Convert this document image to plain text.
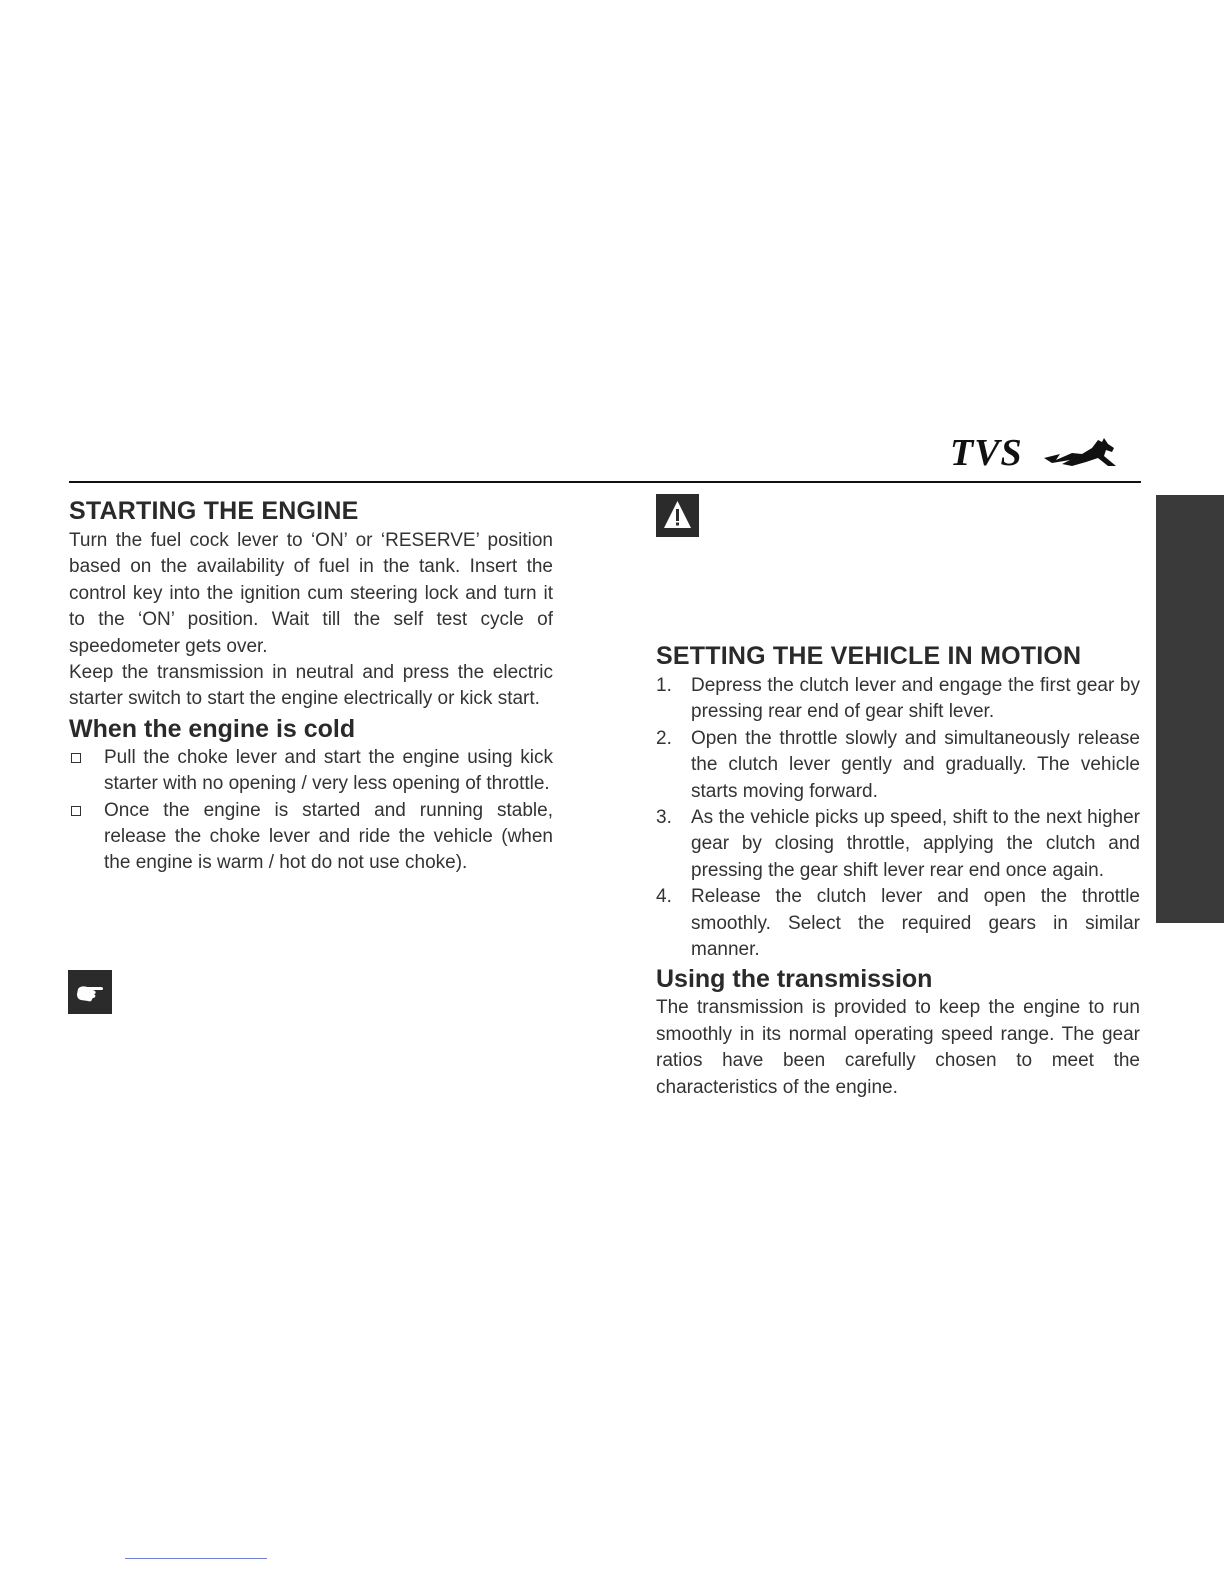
TVS
STARTING THE ENGINE

Turn the fuel cock lever to ‘ON’ or ‘RESERVE’ position based on the availability of fuel in the tank. Insert the control key into the ignition cum steering lock and turn it to the ‘ON’ position. Wait till the self test cycle of speedometer gets over.

Keep the transmission in neutral and press the electric starter switch to start the engine electrically or kick start.

When the engine is cold
Pull the choke lever and start the engine using kick starter with no opening / very less opening of throttle.
Once the engine is started and running stable, release the choke lever and ride the vehicle (when the engine is warm / hot do not use choke).
SETTING THE VEHICLE IN MOTION
1.	Depress the clutch lever and engage the first gear by pressing rear end of gear shift lever.
2.	Open the throttle slowly and simultaneously release the clutch lever gently and gradually. The vehicle starts moving forward.
3.	As the vehicle picks up speed, shift to the next higher gear by closing throttle, applying the clutch and pressing the gear shift lever rear end once again.
4.	Release the clutch lever and open the throttle smoothly. Select the required gears in similar manner.
Using the transmission

The transmission is provided to keep the engine to run smoothly in its normal operating speed range. The gear ratios have been carefully chosen to meet the characteristics of the engine.
